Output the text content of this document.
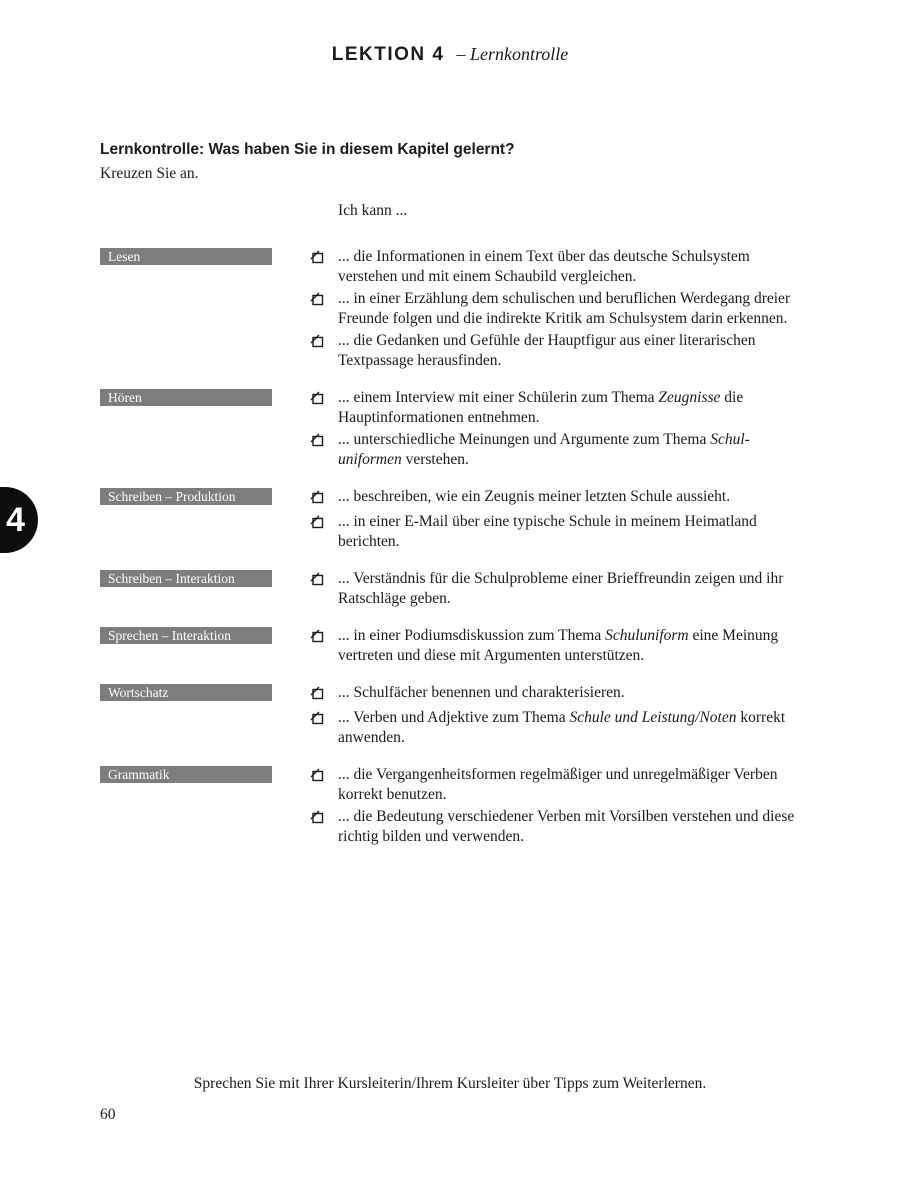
LEKTION 4 – Lernkontrolle
4
Lernkontrolle: Was haben Sie in diesem Kapitel gelernt?
Kreuzen Sie an.
Ich kann ...
Lesen	... die Informationen in einem Text über das deutsche Schulsystem verstehen und mit einem Schaubild vergleichen.
... in einer Erzählung dem schulischen und beruflichen Werdegang dreier Freunde folgen und die indirekte Kritik am Schulsystem darin erkennen.
... die Gedanken und Gefühle der Hauptfigur aus einer literarischen Textpassage herausfinden.
Hören	... einem Interview mit einer Schülerin zum Thema Zeugnisse die Hauptinformationen entnehmen.
... unterschiedliche Meinungen und Argumente zum Thema Schuluniformen verstehen.
Schreiben – Produktion	... beschreiben, wie ein Zeugnis meiner letzten Schule aussieht.
... in einer E-Mail über eine typische Schule in meinem Heimatland berichten.
Schreiben – Interaktion	... Verständnis für die Schulprobleme einer Brieffreundin zeigen und ihr Ratschläge geben.
Sprechen – Interaktion	... in einer Podiumsdiskussion zum Thema Schuluniform eine Meinung vertreten und diese mit Argumenten unterstützen.
Wortschatz	... Schulfächer benennen und charakterisieren.
... Verben und Adjektive zum Thema Schule und Leistung/Noten korrekt anwenden.
Grammatik	... die Vergangenheitsformen regelmäßiger und unregelmäßiger Verben korrekt benutzen.
... die Bedeutung verschiedener Verben mit Vorsilben verstehen und diese richtig bilden und verwenden.
Sprechen Sie mit Ihrer Kursleiterin/Ihrem Kursleiter über Tipps zum Weiterlernen.
60
